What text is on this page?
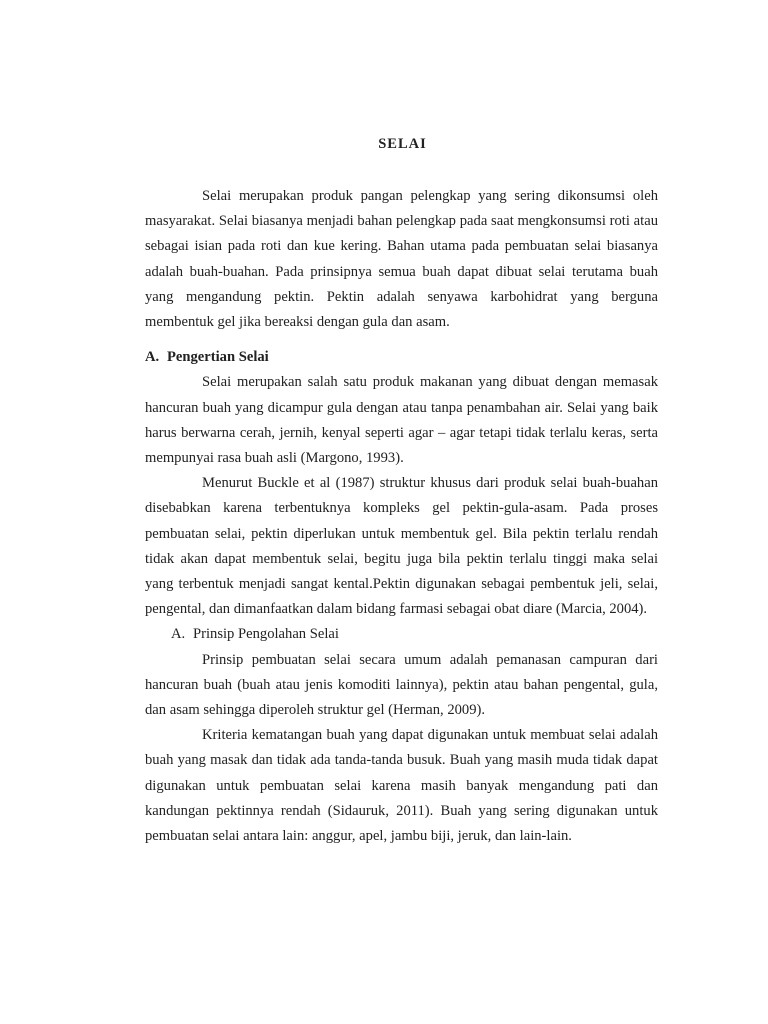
SELAI

Selai merupakan produk pangan pelengkap yang sering dikonsumsi oleh masyarakat. Selai biasanya menjadi bahan pelengkap pada saat mengkonsumsi roti atau sebagai isian pada roti dan kue kering. Bahan utama pada pembuatan selai biasanya adalah buah-buahan. Pada prinsipnya semua buah dapat dibuat selai terutama buah yang mengandung pektin. Pektin adalah senyawa karbohidrat yang berguna membentuk gel jika bereaksi dengan gula dan asam.

A. Pengertian Selai

Selai merupakan salah satu produk makanan yang dibuat dengan memasak hancuran buah yang dicampur gula dengan atau tanpa penambahan air. Selai yang baik harus berwarna cerah, jernih, kenyal seperti agar – agar tetapi tidak terlalu keras, serta mempunyai rasa buah asli (Margono, 1993).

Menurut Buckle et al (1987) struktur khusus dari produk selai buah-buahan disebabkan karena terbentuknya kompleks gel pektin-gula-asam. Pada proses pembuatan selai, pektin diperlukan untuk membentuk gel. Bila pektin terlalu rendah tidak akan dapat membentuk selai, begitu juga bila pektin terlalu tinggi maka selai yang terbentuk menjadi sangat kental.Pektin digunakan sebagai pembentuk jeli, selai, pengental, dan dimanfaatkan dalam bidang farmasi sebagai obat diare (Marcia, 2004).

A. Prinsip Pengolahan Selai

Prinsip pembuatan selai secara umum adalah pemanasan campuran dari hancuran buah (buah atau jenis komoditi lainnya), pektin atau bahan pengental, gula, dan asam sehingga diperoleh struktur gel (Herman, 2009).

Kriteria kematangan buah yang dapat digunakan untuk membuat selai adalah buah yang masak dan tidak ada tanda-tanda busuk. Buah yang masih muda tidak dapat digunakan untuk pembuatan selai karena masih banyak mengandung pati dan kandungan pektinnya rendah (Sidauruk, 2011). Buah yang sering digunakan untuk pembuatan selai antara lain: anggur, apel, jambu biji, jeruk, dan lain-lain.
